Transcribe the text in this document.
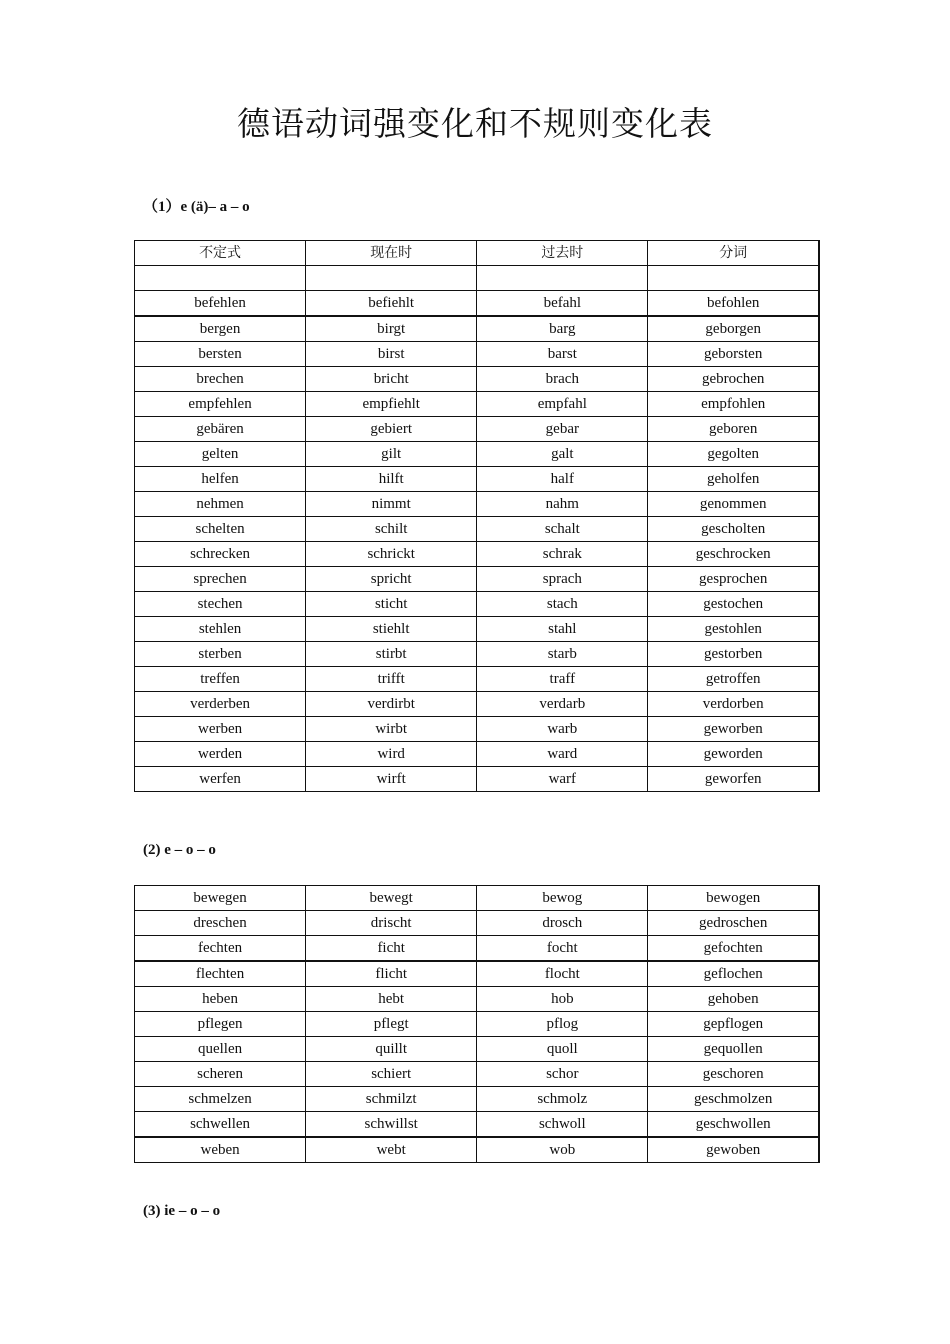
德语动词强变化和不规则变化表
（1）e (ä)– a – o
不定式	现在时	过去时	分词

befehlen	befiehlt	befahl	befohlen
bergen	birgt	barg	geborgen
bersten	birst	barst	geborsten
brechen	bricht	brach	gebrochen
empfehlen	empfiehlt	empfahl	empfohlen
gebären	gebiert	gebar	geboren
gelten	gilt	galt	gegolten
helfen	hilft	half	geholfen
nehmen	nimmt	nahm	genommen
schelten	schilt	schalt	gescholten
schrecken	schrickt	schrak	geschrocken
sprechen	spricht	sprach	gesprochen
stechen	sticht	stach	gestochen
stehlen	stiehlt	stahl	gestohlen
sterben	stirbt	starb	gestorben
treffen	trifft	traff	getroffen
verderben	verdirbt	verdarb	verdorben
werben	wirbt	warb	geworben
werden	wird	ward	geworden
werfen	wirft	warf	geworfen
(2) e – o – o
bewegen	bewegt	bewog	bewogen
dreschen	drischt	drosch	gedroschen
fechten	ficht	focht	gefochten
flechten	flicht	flocht	geflochen
heben	hebt	hob	gehoben
pflegen	pflegt	pflog	gepflogen
quellen	quillt	quoll	gequollen
scheren	schiert	schor	geschoren
schmelzen	schmilzt	schmolz	geschmolzen
schwellen	schwillst	schwoll	geschwollen
weben	webt	wob	gewoben
(3) ie – o – o
